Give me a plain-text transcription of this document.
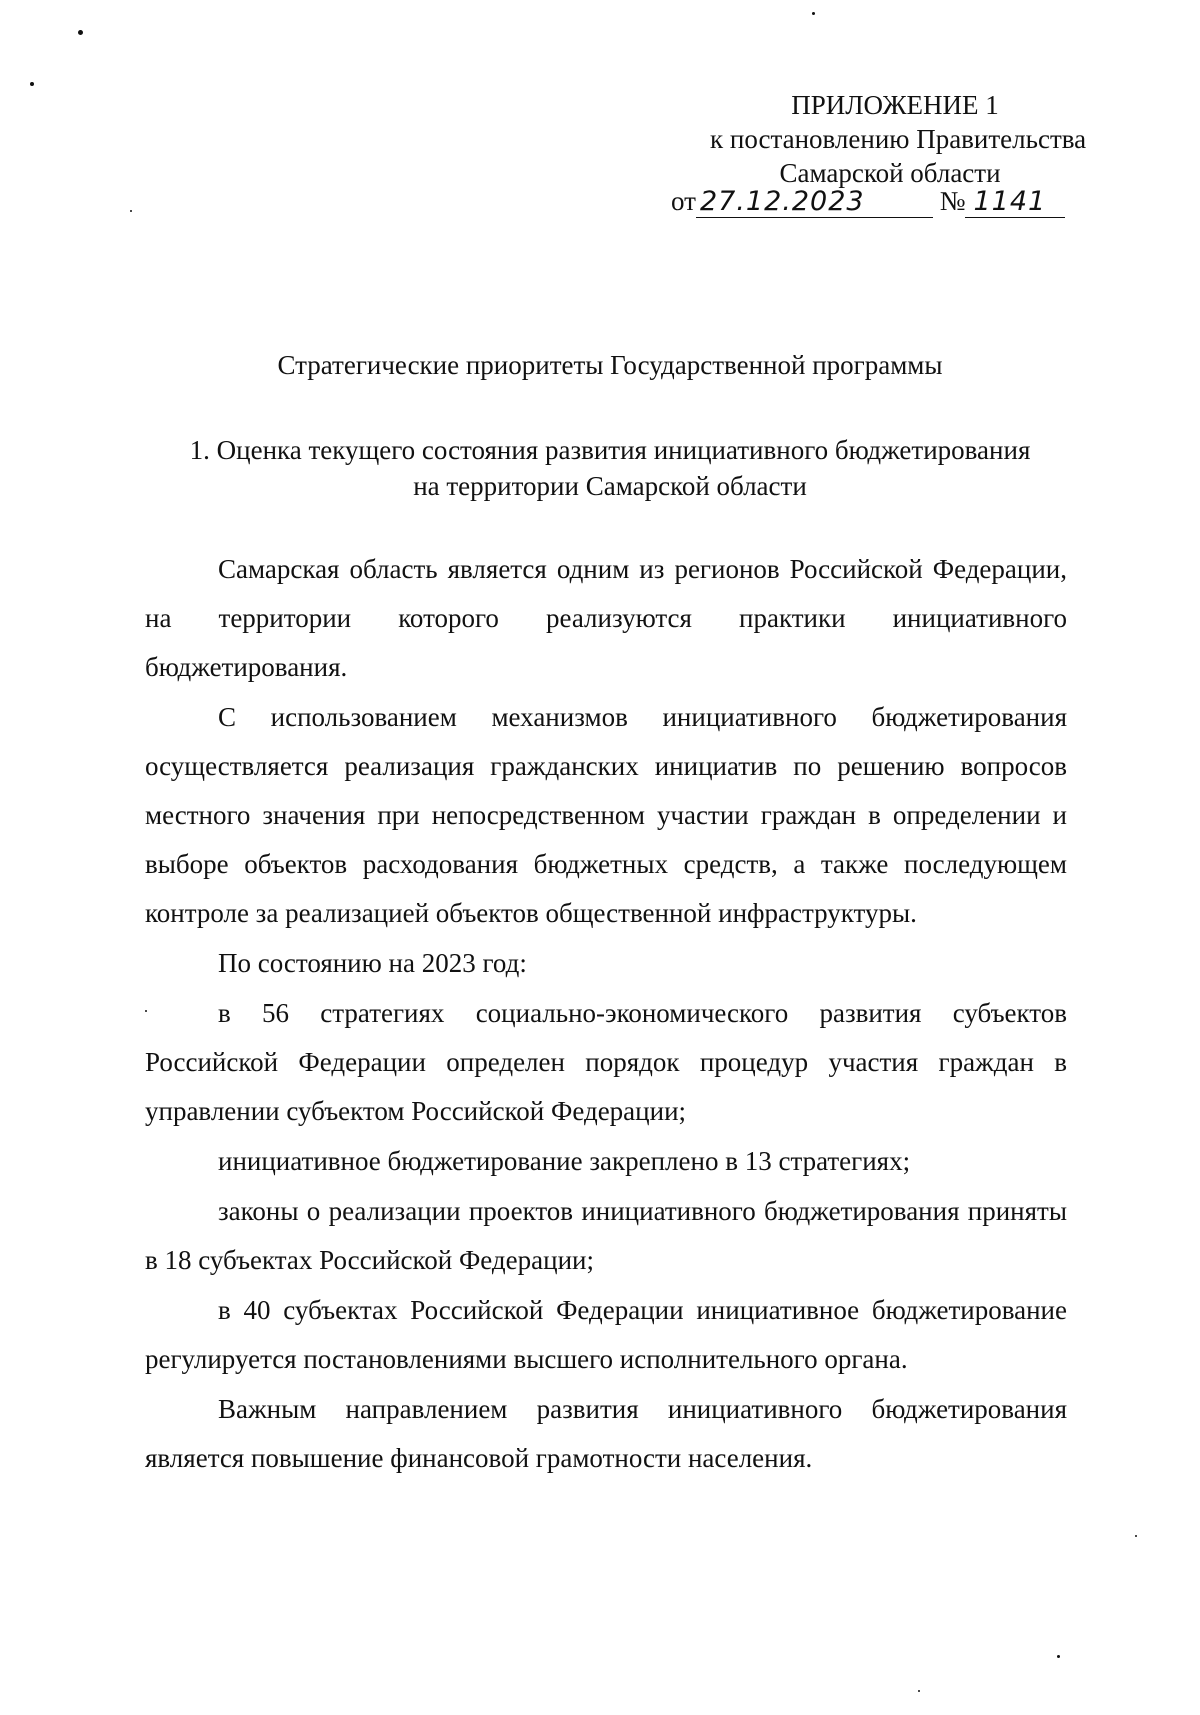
ПРИЛОЖЕНИЕ 1
к постановлению Правительства
Самарской области
от 27.12.2023	№ 1141
Стратегические приоритеты Государственной программы
1. Оценка текущего состояния развития инициативного бюджетирования
на территории Самарской области

Самарская область является одним из регионов Российской Федерации, на территории которого реализуются практики инициативного бюджетирования.

С использованием механизмов инициативного бюджетирования осуществляется реализация гражданских инициатив по решению вопросов местного значения при непосредственном участии граждан в определении и выборе объектов расходования бюджетных средств, а также последующем контроле за реализацией объектов общественной инфраструктуры.

По состоянию на 2023 год:

в 56 стратегиях социально-экономического развития субъектов Российской Федерации определен порядок процедур участия граждан в управлении субъектом Российской Федерации;

инициативное бюджетирование закреплено в 13 стратегиях;

законы о реализации проектов инициативного бюджетирования приняты в 18 субъектах Российской Федерации;

в 40 субъектах Российской Федерации инициативное бюджетирование регулируется постановлениями высшего исполнительного органа.

Важным направлением развития инициативного бюджетирования является повышение финансовой грамотности населения.
